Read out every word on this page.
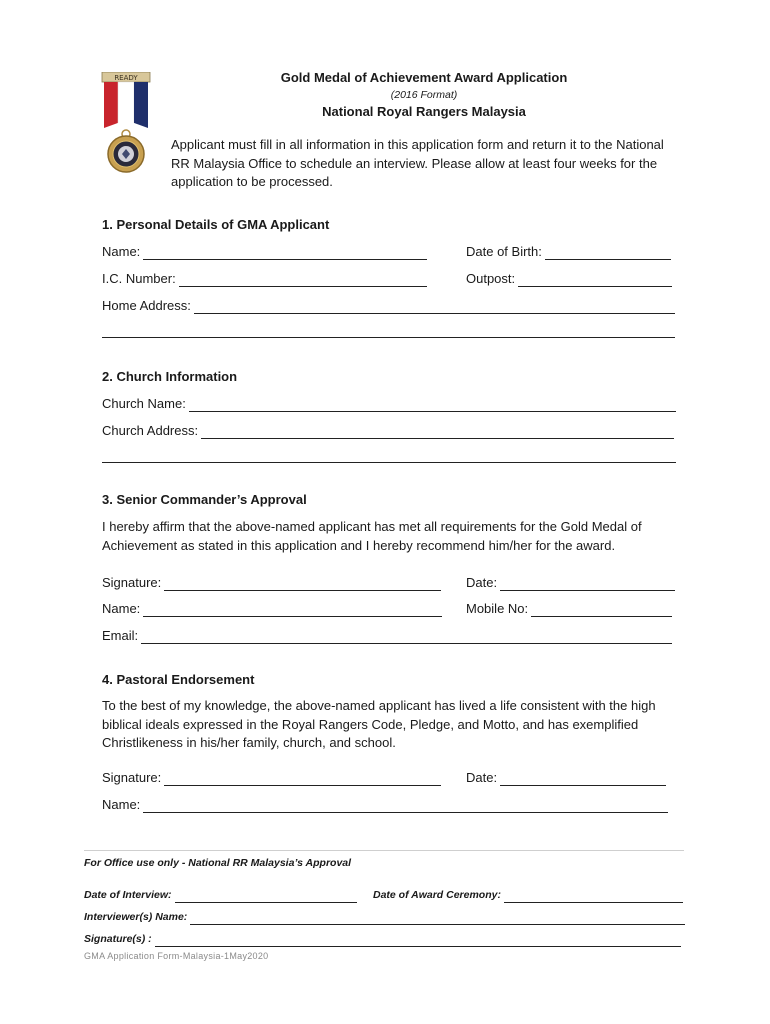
READY	Gold Medal of Achievement Award Application
(2016 Format)
National Royal Rangers Malaysia
Applicant must fill in all information in this application form and return it to the National RR Malaysia Office to schedule an interview. Please allow at least four weeks for the application to be processed.
1. Personal Details of GMA Applicant
Name:	Date of Birth:
I.C. Number:	Outpost:
Home Address:
2. Church Information
Church Name:
Church Address:
3. Senior Commander’s Approval
I hereby affirm that the above-named applicant has met all requirements for the Gold Medal of Achievement as stated in this application and I hereby recommend him/her for the award.
Signature:	Date:
Name:	Mobile No:
Email:
4. Pastoral Endorsement
To the best of my knowledge, the above-named applicant has lived a life consistent with the high biblical ideals expressed in the Royal Rangers Code, Pledge, and Motto, and has exemplified Christlikeness in his/her family, church, and school.
Signature:	Date:
Name:
For Office use only - National RR Malaysia’s Approval
Date of Interview:	Date of Award Ceremony:
Interviewer(s) Name:
Signature(s) :
GMA Application Form-Malaysia-1May2020
